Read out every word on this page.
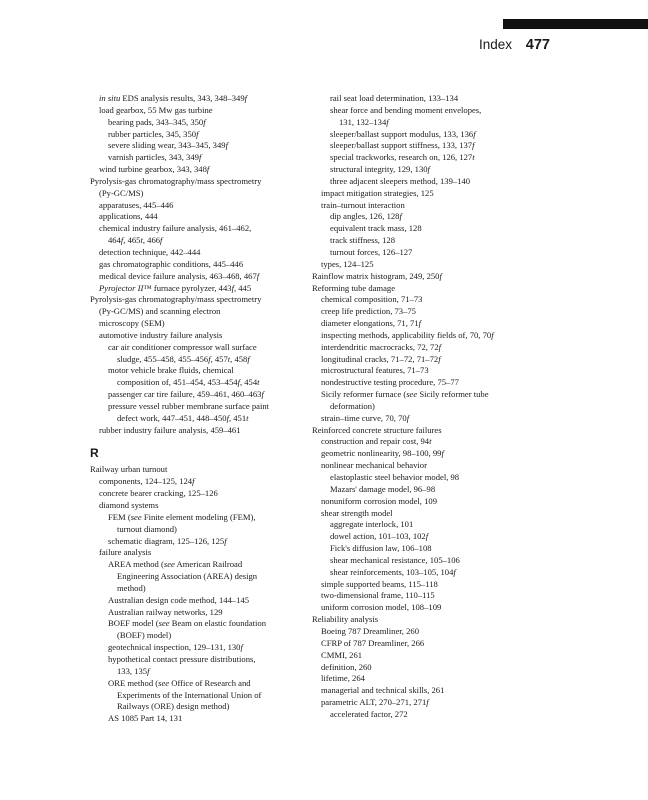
Index 477
in situ EDS analysis results, 343, 348–349f
load gearbox, 55 Mw gas turbine
bearing pads, 343–345, 350f
rubber particles, 345, 350f
severe sliding wear, 343–345, 349f
varnish particles, 343, 349f
wind turbine gearbox, 343, 348f
Pyrolysis-gas chromatography/mass spectrometry
(Py-GC/MS)
apparatuses, 445–446
applications, 444
chemical industry failure analysis, 461–462,
464f, 465t, 466f
detection technique, 442–444
gas chromatographic conditions, 445–446
medical device failure analysis, 463–468, 467f
Pyrojector II™ furnace pyrolyzer, 443f, 445
Pyrolysis-gas chromatography/mass spectrometry
(Py-GC/MS) and scanning electron
microscopy (SEM)
automotive industry failure analysis
car air conditioner compressor wall surface
sludge, 455–458, 455–456f, 457t, 458f
motor vehicle brake fluids, chemical
composition of, 451–454, 453–454f, 454t
passenger car tire failure, 459–461, 460–463f
pressure vessel rubber membrane surface paint
defect work, 447–451, 448–450f, 451t
rubber industry failure analysis, 459–461
R
Railway urban turnout
components, 124–125, 124f
concrete bearer cracking, 125–126
diamond systems
FEM (see Finite element modeling (FEM),
turnout diamond)
schematic diagram, 125–126, 125f
failure analysis
AREA method (see American Railroad
Engineering Association (AREA) design
method)
Australian design code method, 144–145
Australian railway networks, 129
BOEF model (see Beam on elastic foundation
(BOEF) model)
geotechnical inspection, 129–131, 130f
hypothetical contact pressure distributions,
133, 135f
ORE method (see Office of Research and
Experiments of the International Union of
Railways (ORE) design method)
AS 1085 Part 14, 131
rail seat load determination, 133–134
shear force and bending moment envelopes,
131, 132–134f
sleeper/ballast support modulus, 133, 136f
sleeper/ballast support stiffness, 133, 137f
special trackworks, research on, 126, 127t
structural integrity, 129, 130f
three adjacent sleepers method, 139–140
impact mitigation strategies, 125
train–turnout interaction
dip angles, 126, 128f
equivalent track mass, 128
track stiffness, 128
turnout forces, 126–127
types, 124–125
Rainflow matrix histogram, 249, 250f
Reforming tube damage
chemical composition, 71–73
creep life prediction, 73–75
diameter elongations, 71, 71f
inspecting methods, applicability fields of, 70, 70f
interdendritic macrocracks, 72, 72f
longitudinal cracks, 71–72, 71–72f
microstructural features, 71–73
nondestructive testing procedure, 75–77
Sicily reformer furnace (see Sicily reformer tube
deformation)
strain–time curve, 70, 70f
Reinforced concrete structure failures
construction and repair cost, 94t
geometric nonlinearity, 98–100, 99f
nonlinear mechanical behavior
elastoplastic steel behavior model, 98
Mazars' damage model, 96–98
nonuniform corrosion model, 109
shear strength model
aggregate interlock, 101
dowel action, 101–103, 102f
Fick's diffusion law, 106–108
shear mechanical resistance, 105–106
shear reinforcements, 103–105, 104f
simple supported beams, 115–118
two-dimensional frame, 110–115
uniform corrosion model, 108–109
Reliability analysis
Boeing 787 Dreamliner, 260
CFRP of 787 Dreamliner, 266
CMMI, 261
definition, 260
lifetime, 264
managerial and technical skills, 261
parametric ALT, 270–271, 271f
accelerated factor, 272
